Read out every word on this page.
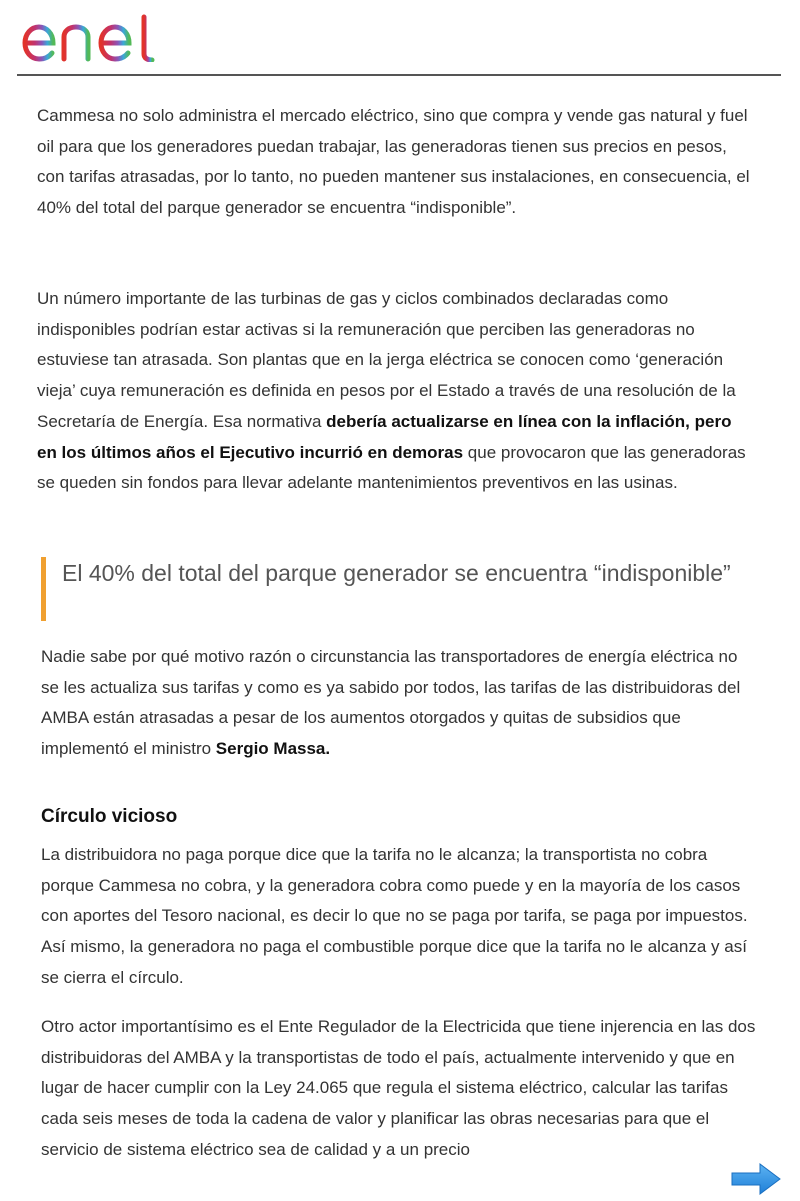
Cammesa no solo administra el mercado eléctrico, sino que compra y vende gas natural y fuel oil para que los generadores puedan trabajar, las generadoras tienen sus precios en pesos, con tarifas atrasadas, por lo tanto, no pueden mantener sus instalaciones, en consecuencia, el 40% del total del parque generador se encuentra “indisponible”.

Un número importante de las turbinas de gas y ciclos combinados declaradas como indisponibles podrían estar activas si la remuneración que perciben las generadoras no estuviese tan atrasada. Son plantas que en la jerga eléctrica se conocen como ‘generación vieja’ cuya remuneración es definida en pesos por el Estado a través de una resolución de la Secretaría de Energía. Esa normativa debería actualizarse en línea con la inflación, pero en los últimos años el Ejecutivo incurrió en demoras que provocaron que las generadoras se queden sin fondos para llevar adelante mantenimientos preventivos en las usinas.

El 40% del total del parque generador se encuentra “indisponible”

Nadie sabe por qué motivo razón o circunstancia las transportadores de energía eléctrica no se les actualiza sus tarifas y como es ya sabido por todos, las tarifas de las distribuidoras del AMBA están atrasadas a pesar de los aumentos otorgados y quitas de subsidios que implementó el ministro Sergio Massa.

Círculo vicioso

La distribuidora no paga porque dice que la tarifa no le alcanza; la transportista no cobra porque Cammesa no cobra, y la generadora cobra como puede y en la mayoría de los casos con aportes del Tesoro nacional, es decir lo que no se paga por tarifa, se paga por impuestos. Así mismo, la generadora no paga el combustible porque dice que la tarifa no le alcanza y así se cierra el círculo.

Otro actor importantísimo es el Ente Regulador de la Electricida que tiene injerencia en las dos distribuidoras del AMBA y la transportistas de todo el país, actualmente intervenido y que en lugar de hacer cumplir con la Ley 24.065 que regula el sistema eléctrico, calcular las tarifas cada seis meses de toda la cadena de valor y planificar las obras necesarias para que el servicio de sistema eléctrico sea de calidad y a un precio
